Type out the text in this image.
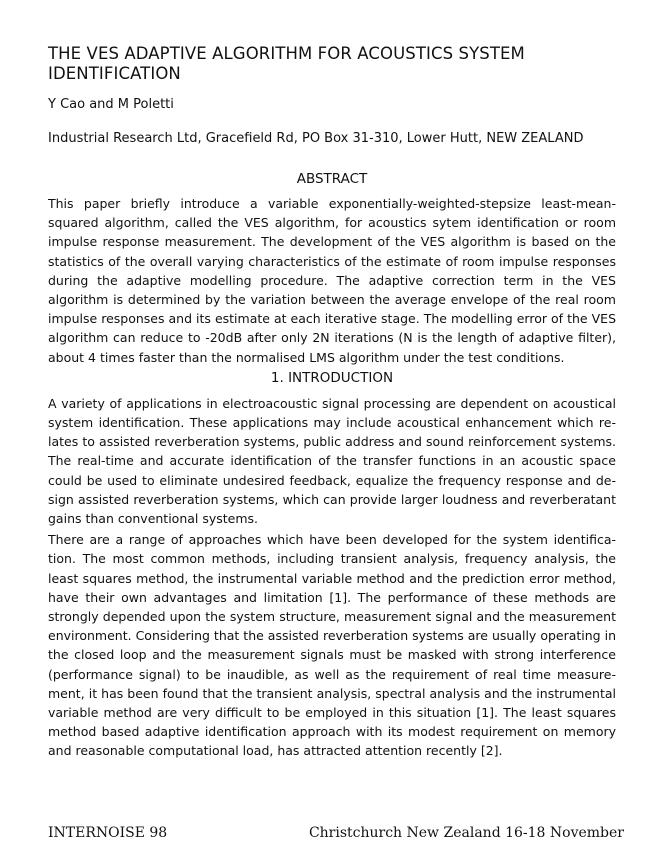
THE VES ADAPTIVE ALGORITHM FOR ACOUSTICS SYSTEM IDENTIFICATION
Y Cao and M Poletti
Industrial Research Ltd, Gracefield Rd, PO Box 31-310, Lower Hutt, NEW ZEALAND
ABSTRACT

This paper briefly introduce a variable exponentially-weighted-stepsize least-mean-squared algorithm, called the VES algorithm, for acoustics sytem identification or room impulse response measurement. The development of the VES algorithm is based on the statistics of the overall varying characteristics of the estimate of room impulse responses during the adaptive modelling procedure. The adaptive correction term in the VES algorithm is determined by the variation between the average envelope of the real room impulse responses and its estimate at each iterative stage. The modelling error of the VES algorithm can reduce to -20dB after only 2N iterations (N is the length of adaptive filter), about 4 times faster than the normalised LMS algorithm under the test conditions.

1. INTRODUCTION

A variety of applications in electroacoustic signal processing are dependent on acoustical system identification. These applications may include acoustical enhancement which relates to assisted reverberation systems, public address and sound reinforcement systems. The real-time and accurate identification of the transfer functions in an acoustic space could be used to eliminate undesired feedback, equalize the frequency response and design assisted reverberation systems, which can provide larger loudness and reverberatant gains than conventional systems.

There are a range of approaches which have been developed for the system identification. The most common methods, including transient analysis, frequency analysis, the least squares method, the instrumental variable method and the prediction error method, have their own advantages and limitation [1]. The performance of these methods are strongly depended upon the system structure, measurement signal and the measurement environment. Considering that the assisted reverberation systems are usually operating in the closed loop and the measurement signals must be masked with strong interference (performance signal) to be inaudible, as well as the requirement of real time measurement, it has been found that the transient analysis, spectral analysis and the instrumental variable method are very difficult to be employed in this situation [1]. The least squares method based adaptive identification approach with its modest requirement on memory and reasonable computational load, has attracted attention recently [2].

INTERNOISE 98	Christchurch New Zealand 16-18 November
